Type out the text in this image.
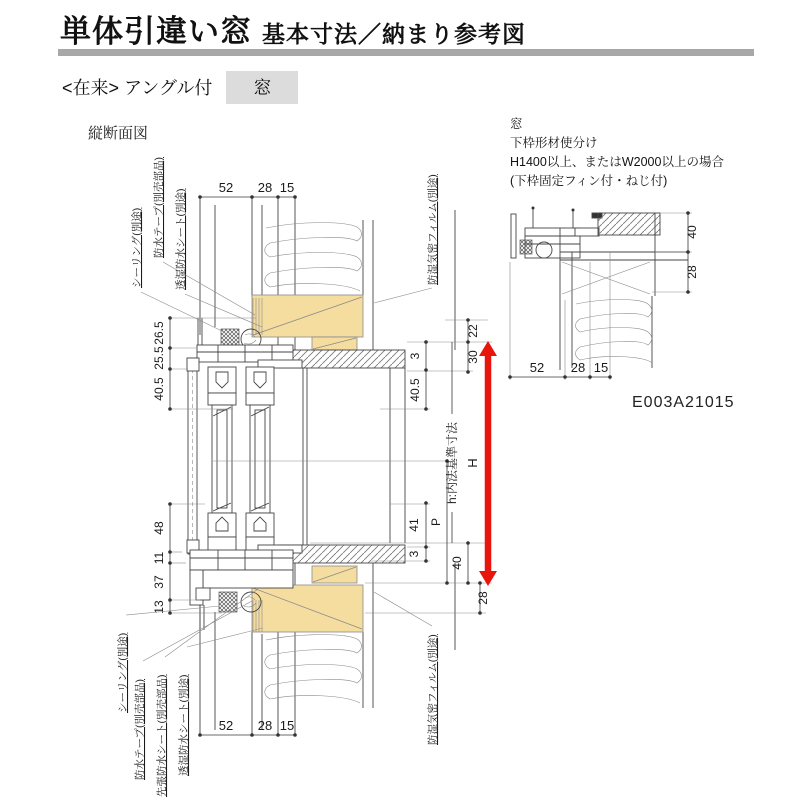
単体引違い窓 基本寸法／納まり参考図
<在来> アングル付 窓
窓
下枠形材使分け
H1400以上、またはW2000以上の場合
(下枠固定フィン付・ねじ付)
E003A21015
縦断面図
52 28 15
52 28 15
26.5
25.5
40.5
48
11
37
13
22
30
3
40.5
41
3
P
40
28
h:内法基準寸法 H
シーリング(別途) 防水テープ(別売部品) 透湿防水シート(別途)	防湿気密フィルム(別途)
シーリング(別途)
防水テープ(別売部品) 先張防水シート(別売部品) 透湿防水シート(別途)	防湿気密フィルム(別途)
40
28
52 28 15
